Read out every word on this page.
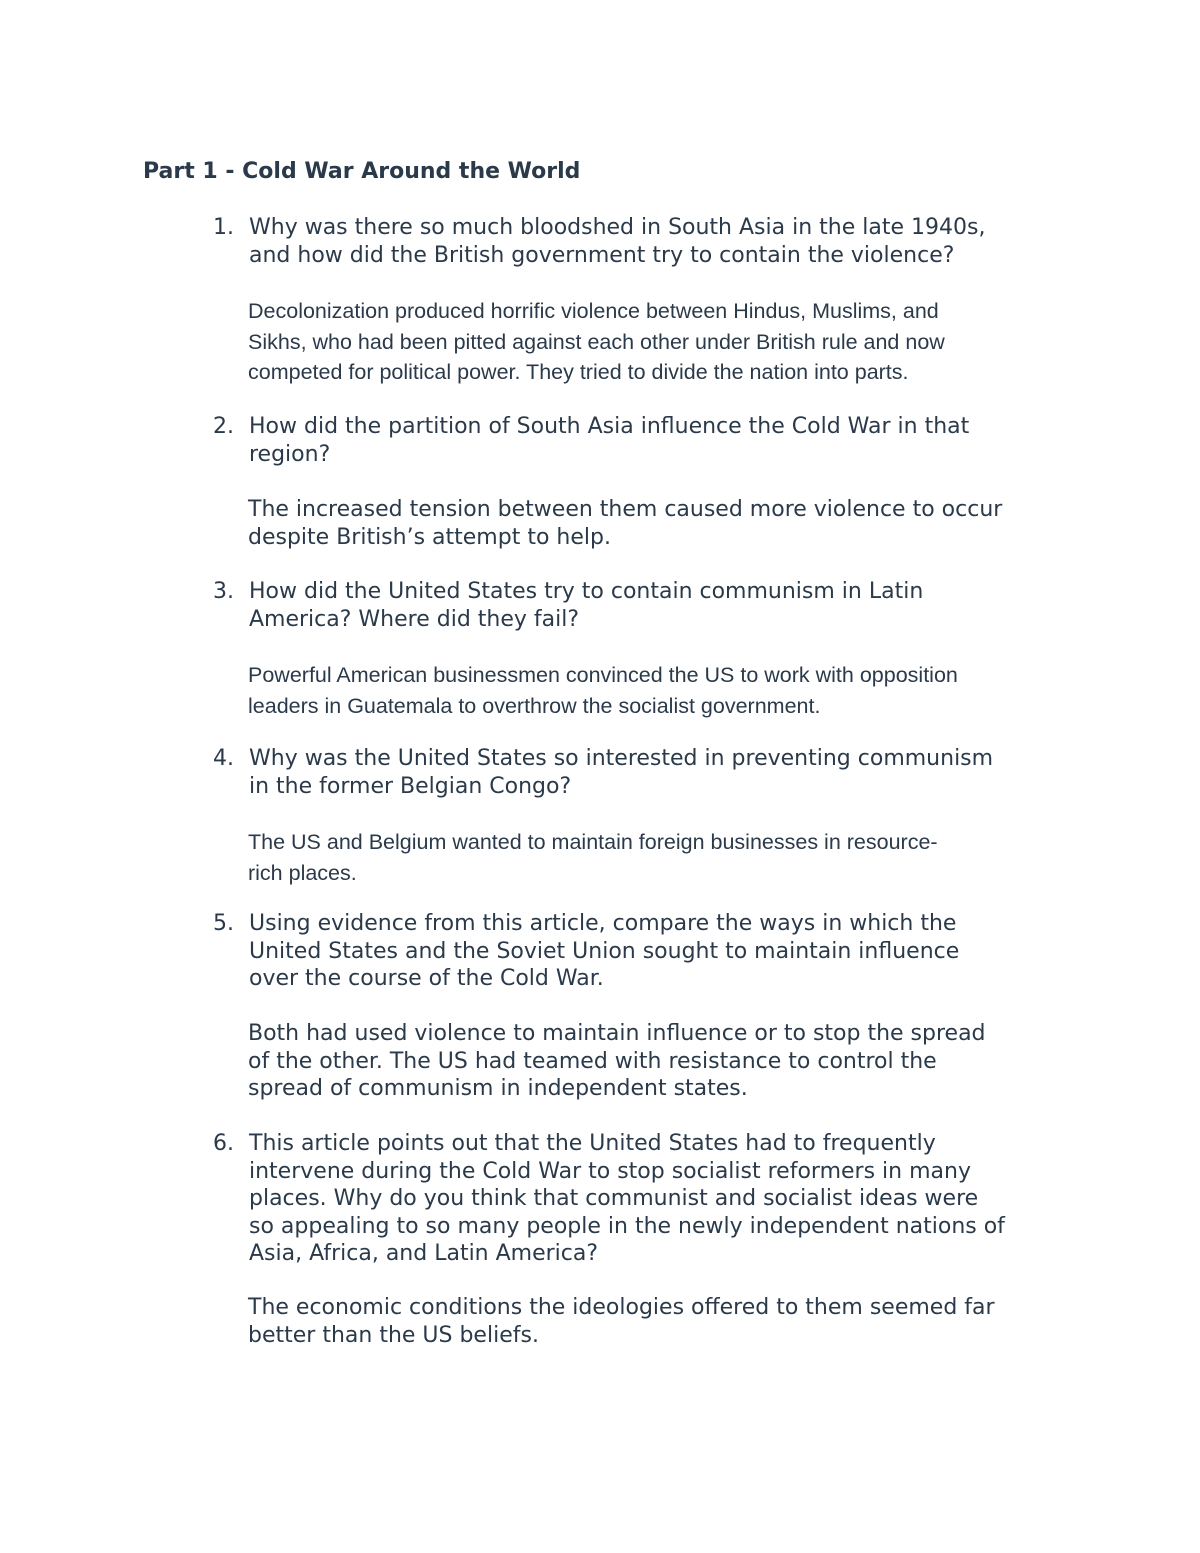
Part 1 - Cold War Around the World
1. Why was there so much bloodshed in South Asia in the late 1940s,
and how did the British government try to contain the violence?
Decolonization produced horrific violence between Hindus, Muslims, and
Sikhs, who had been pitted against each other under British rule and now
competed for political power. They tried to divide the nation into parts.
2. How did the partition of South Asia influence the Cold War in that
region?
The increased tension between them caused more violence to occur
despite British’s attempt to help.
3. How did the United States try to contain communism in Latin
America? Where did they fail?
Powerful American businessmen convinced the US to work with opposition
leaders in Guatemala to overthrow the socialist government.
4. Why was the United States so interested in preventing communism
in the former Belgian Congo?
The US and Belgium wanted to maintain foreign businesses in resource-
rich places.
5. Using evidence from this article, compare the ways in which the
United States and the Soviet Union sought to maintain influence
over the course of the Cold War.
Both had used violence to maintain influence or to stop the spread
of the other. The US had teamed with resistance to control the
spread of communism in independent states.
6. This article points out that the United States had to frequently
intervene during the Cold War to stop socialist reformers in many
places. Why do you think that communist and socialist ideas were
so appealing to so many people in the newly independent nations of
Asia, Africa, and Latin America?
The economic conditions the ideologies offered to them seemed far
better than the US beliefs.
